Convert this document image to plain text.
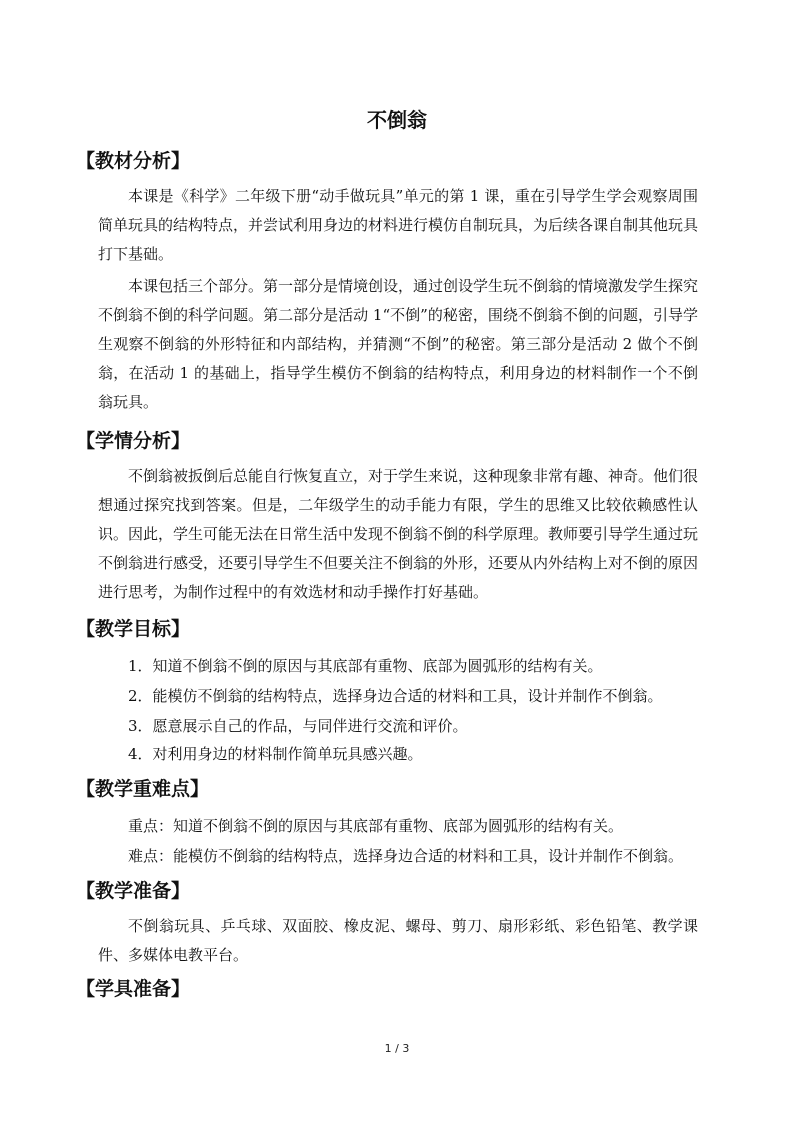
不倒翁
【教材分析】

本课是《科学》二年级下册“动手做玩具”单元的第 1 课，重在引导学生学会观察周围简单玩具的结构特点，并尝试利用身边的材料进行模仿自制玩具，为后续各课自制其他玩具打下基础。

本课包括三个部分。第一部分是情境创设，通过创设学生玩不倒翁的情境激发学生探究不倒翁不倒的科学问题。第二部分是活动 1“不倒”的秘密，围绕不倒翁不倒的问题，引导学生观察不倒翁的外形特征和内部结构，并猜测“不倒”的秘密。第三部分是活动 2 做个不倒翁，在活动 1 的基础上，指导学生模仿不倒翁的结构特点，利用身边的材料制作一个不倒翁玩具。

【学情分析】

不倒翁被扳倒后总能自行恢复直立，对于学生来说，这种现象非常有趣、神奇。他们很想通过探究找到答案。但是，二年级学生的动手能力有限，学生的思维又比较依赖感性认识。因此，学生可能无法在日常生活中发现不倒翁不倒的科学原理。教师要引导学生通过玩不倒翁进行感受，还要引导学生不但要关注不倒翁的外形，还要从内外结构上对不倒的原因进行思考，为制作过程中的有效选材和动手操作打好基础。

【教学目标】

1．知道不倒翁不倒的原因与其底部有重物、底部为圆弧形的结构有关。

2．能模仿不倒翁的结构特点，选择身边合适的材料和工具，设计并制作不倒翁。

3．愿意展示自己的作品，与同伴进行交流和评价。

4．对利用身边的材料制作简单玩具感兴趣。

【教学重难点】

重点：知道不倒翁不倒的原因与其底部有重物、底部为圆弧形的结构有关。

难点：能模仿不倒翁的结构特点，选择身边合适的材料和工具，设计并制作不倒翁。

【教学准备】

不倒翁玩具、乒乓球、双面胶、橡皮泥、螺母、剪刀、扇形彩纸、彩色铅笔、教学课件、多媒体电教平台。

【学具准备】
1 / 3
